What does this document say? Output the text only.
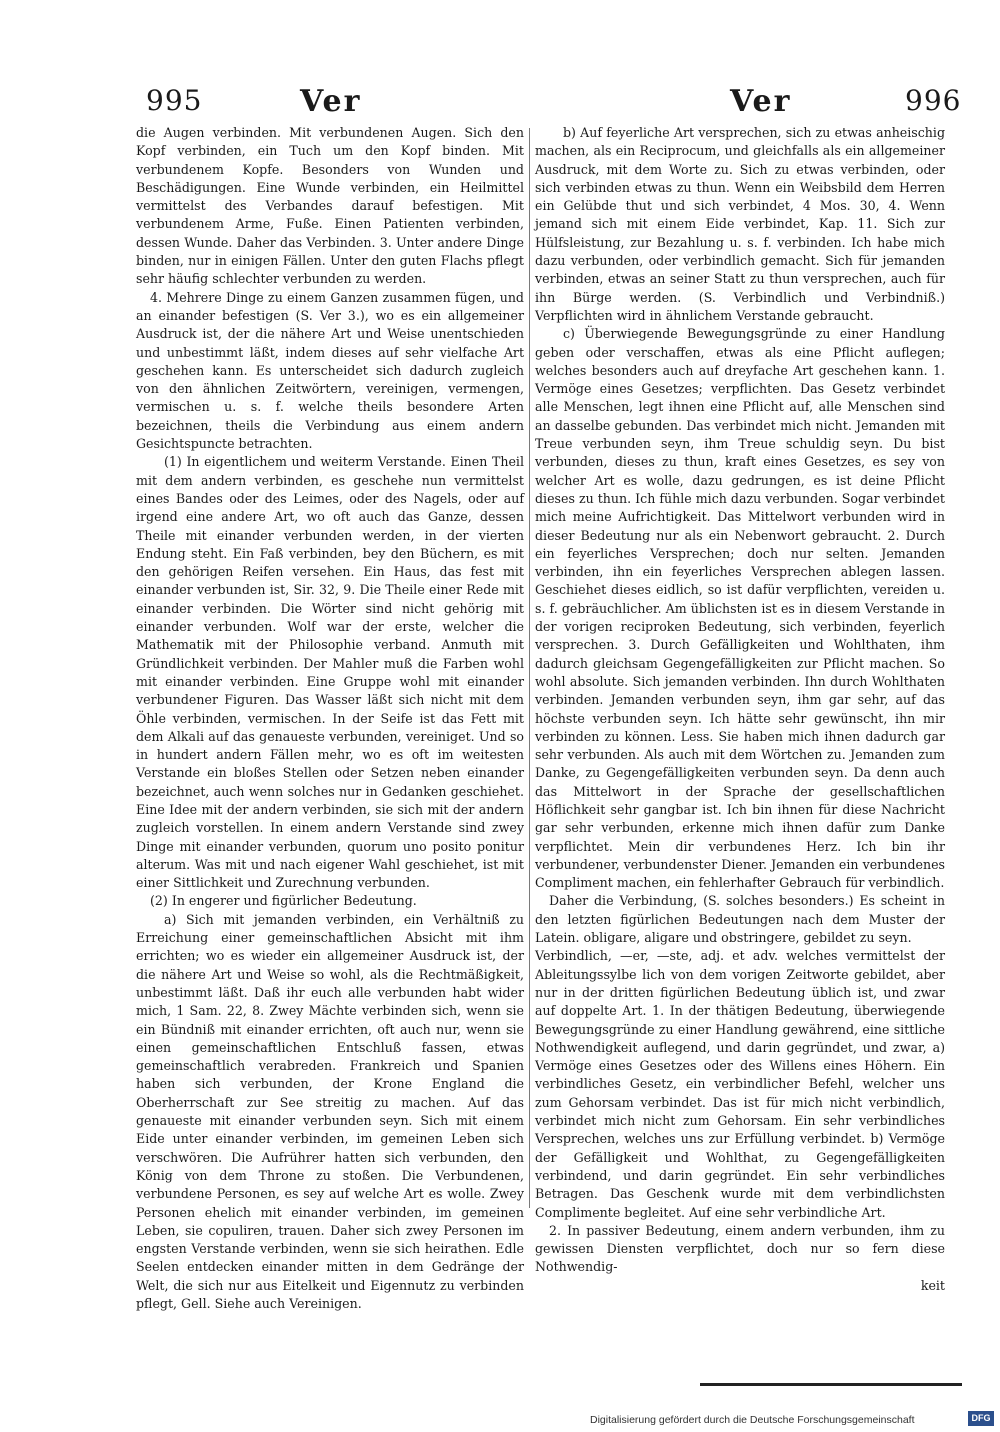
995	Ver	Ver	996

die Augen verbinden. Mit verbundenen Augen. Sich den Kopf verbinden, ein Tuch um den Kopf binden. Mit verbundenem Kopfe. Besonders von Wunden und Beschädigungen. Eine Wunde verbinden, ein Heilmittel vermittelst des Verbandes darauf befestigen. Mit verbundenem Arme, Fuße. Einen Patienten verbinden, dessen Wunde. Daher das Verbinden. 3. Unter andere Dinge binden, nur in einigen Fällen. Unter den guten Flachs pflegt sehr häufig schlechter verbunden zu werden.

4. Mehrere Dinge zu einem Ganzen zusammen fügen, und an einander befestigen (S. Ver 3.), wo es ein allgemeiner Ausdruck ist, der die nähere Art und Weise unentschieden und unbestimmt läßt, indem dieses auf sehr vielfache Art geschehen kann. Es unterscheidet sich dadurch zugleich von den ähnlichen Zeitwörtern, vereinigen, vermengen, vermischen u. s. f. welche theils besondere Arten bezeichnen, theils die Verbindung aus einem andern Gesichtspuncte betrachten.

(1) In eigentlichem und weiterm Verstande. Einen Theil mit dem andern verbinden, es geschehe nun vermittelst eines Bandes oder des Leimes, oder des Nagels, oder auf irgend eine andere Art, wo oft auch das Ganze, dessen Theile mit einander verbunden werden, in der vierten Endung steht. Ein Faß verbinden, bey den Büchern, es mit den gehörigen Reifen versehen. Ein Haus, das fest mit einander verbunden ist, Sir. 32, 9. Die Theile einer Rede mit einander verbinden. Die Wörter sind nicht gehörig mit einander verbunden. Wolf war der erste, welcher die Mathematik mit der Philosophie verband. Anmuth mit Gründlichkeit verbinden. Der Mahler muß die Farben wohl mit einander verbinden. Eine Gruppe wohl mit einander verbundener Figuren. Das Wasser läßt sich nicht mit dem Öhle verbinden, vermischen. In der Seife ist das Fett mit dem Alkali auf das genaueste verbunden, vereiniget. Und so in hundert andern Fällen mehr, wo es oft im weitesten Verstande ein bloßes Stellen oder Setzen neben einander bezeichnet, auch wenn solches nur in Gedanken geschiehet. Eine Idee mit der andern verbinden, sie sich mit der andern zugleich vorstellen. In einem andern Verstande sind zwey Dinge mit einander verbunden, quorum uno posito ponitur alterum. Was mit und nach eigener Wahl geschiehet, ist mit einer Sittlichkeit und Zurechnung verbunden.

(2) In engerer und figürlicher Bedeutung.

a) Sich mit jemanden verbinden, ein Verhältniß zu Erreichung einer gemeinschaftlichen Absicht mit ihm errichten; wo es wieder ein allgemeiner Ausdruck ist, der die nähere Art und Weise so wohl, als die Rechtmäßigkeit, unbestimmt läßt. Daß ihr euch alle verbunden habt wider mich, 1 Sam. 22, 8. Zwey Mächte verbinden sich, wenn sie ein Bündniß mit einander errichten, oft auch nur, wenn sie einen gemeinschaftlichen Entschluß fassen, etwas gemeinschaftlich verabreden. Frankreich und Spanien haben sich verbunden, der Krone England die Oberherrschaft zur See streitig zu machen. Auf das genaueste mit einander verbunden seyn. Sich mit einem Eide unter einander verbinden, im gemeinen Leben sich verschwören. Die Aufrührer hatten sich verbunden, den König von dem Throne zu stoßen. Die Verbundenen, verbundene Personen, es sey auf welche Art es wolle. Zwey Personen ehelich mit einander verbinden, im gemeinen Leben, sie copuliren, trauen. Daher sich zwey Personen im engsten Verstande verbinden, wenn sie sich heirathen. Edle Seelen entdecken einander mitten in dem Gedränge der Welt, die sich nur aus Eitelkeit und Eigennutz zu verbinden pflegt, Gell. Siehe auch Vereinigen.

b) Auf feyerliche Art versprechen, sich zu etwas anheischig machen, als ein Reciprocum, und gleichfalls als ein allgemeiner Ausdruck, mit dem Worte zu. Sich zu etwas verbinden, oder sich verbinden etwas zu thun. Wenn ein Weibsbild dem Herren ein Gelübde thut und sich verbindet, 4 Mos. 30, 4. Wenn jemand sich mit einem Eide verbindet, Kap. 11. Sich zur Hülfsleistung, zur Bezahlung u. s. f. verbinden. Ich habe mich dazu verbunden, oder verbindlich gemacht. Sich für jemanden verbinden, etwas an seiner Statt zu thun versprechen, auch für ihn Bürge werden. (S. Verbindlich und Verbindniß.) Verpflichten wird in ähnlichem Verstande gebraucht.

c) Überwiegende Bewegungsgründe zu einer Handlung geben oder verschaffen, etwas als eine Pflicht auflegen; welches besonders auch auf dreyfache Art geschehen kann. 1. Vermöge eines Gesetzes; verpflichten. Das Gesetz verbindet alle Menschen, legt ihnen eine Pflicht auf, alle Menschen sind an dasselbe gebunden. Das verbindet mich nicht. Jemanden mit Treue verbunden seyn, ihm Treue schuldig seyn. Du bist verbunden, dieses zu thun, kraft eines Gesetzes, es sey von welcher Art es wolle, dazu gedrungen, es ist deine Pflicht dieses zu thun. Ich fühle mich dazu verbunden. Sogar verbindet mich meine Aufrichtigkeit. Das Mittelwort verbunden wird in dieser Bedeutung nur als ein Nebenwort gebraucht. 2. Durch ein feyerliches Versprechen; doch nur selten. Jemanden verbinden, ihn ein feyerliches Versprechen ablegen lassen. Geschiehet dieses eidlich, so ist dafür verpflichten, vereiden u. s. f. gebräuchlicher. Am üblichsten ist es in diesem Verstande in der vorigen reciproken Bedeutung, sich verbinden, feyerlich versprechen. 3. Durch Gefälligkeiten und Wohlthaten, ihm dadurch gleichsam Gegengefälligkeiten zur Pflicht machen. So wohl absolute. Sich jemanden verbinden. Ihn durch Wohlthaten verbinden. Jemanden verbunden seyn, ihm gar sehr, auf das höchste verbunden seyn. Ich hätte sehr gewünscht, ihn mir verbinden zu können. Less. Sie haben mich ihnen dadurch gar sehr verbunden. Als auch mit dem Wörtchen zu. Jemanden zum Danke, zu Gegengefälligkeiten verbunden seyn. Da denn auch das Mittelwort in der Sprache der gesellschaftlichen Höflichkeit sehr gangbar ist. Ich bin ihnen für diese Nachricht gar sehr verbunden, erkenne mich ihnen dafür zum Danke verpflichtet. Mein dir verbundenes Herz. Ich bin ihr verbundener, verbundenster Diener. Jemanden ein verbundenes Compliment machen, ein fehlerhafter Gebrauch für verbindlich.

Daher die Verbindung, (S. solches besonders.) Es scheint in den letzten figürlichen Bedeutungen nach dem Muster der Latein. obligare, aligare und obstringere, gebildet zu seyn.

Verbindlich, —er, —ste, adj. et adv. welches vermittelst der Ableitungssylbe lich von dem vorigen Zeitworte gebildet, aber nur in der dritten figürlichen Bedeutung üblich ist, und zwar auf doppelte Art. 1. In der thätigen Bedeutung, überwiegende Bewegungsgründe zu einer Handlung gewährend, eine sittliche Nothwendigkeit auflegend, und darin gegründet, und zwar, a) Vermöge eines Gesetzes oder des Willens eines Höhern. Ein verbindliches Gesetz, ein verbindlicher Befehl, welcher uns zum Gehorsam verbindet. Das ist für mich nicht verbindlich, verbindet mich nicht zum Gehorsam. Ein sehr verbindliches Versprechen, welches uns zur Erfüllung verbindet. b) Vermöge der Gefälligkeit und Wohlthat, zu Gegengefälligkeiten verbindend, und darin gegründet. Ein sehr verbindliches Betragen. Das Geschenk wurde mit dem verbindlichsten Complimente begleitet. Auf eine sehr verbindliche Art.

2. In passiver Bedeutung, einem andern verbunden, ihm zu gewissen Diensten verpflichtet, doch nur so fern diese Nothwendig-

keit

Digitalisierung gefördert durch die Deutsche Forschungsgemeinschaft	DFG
